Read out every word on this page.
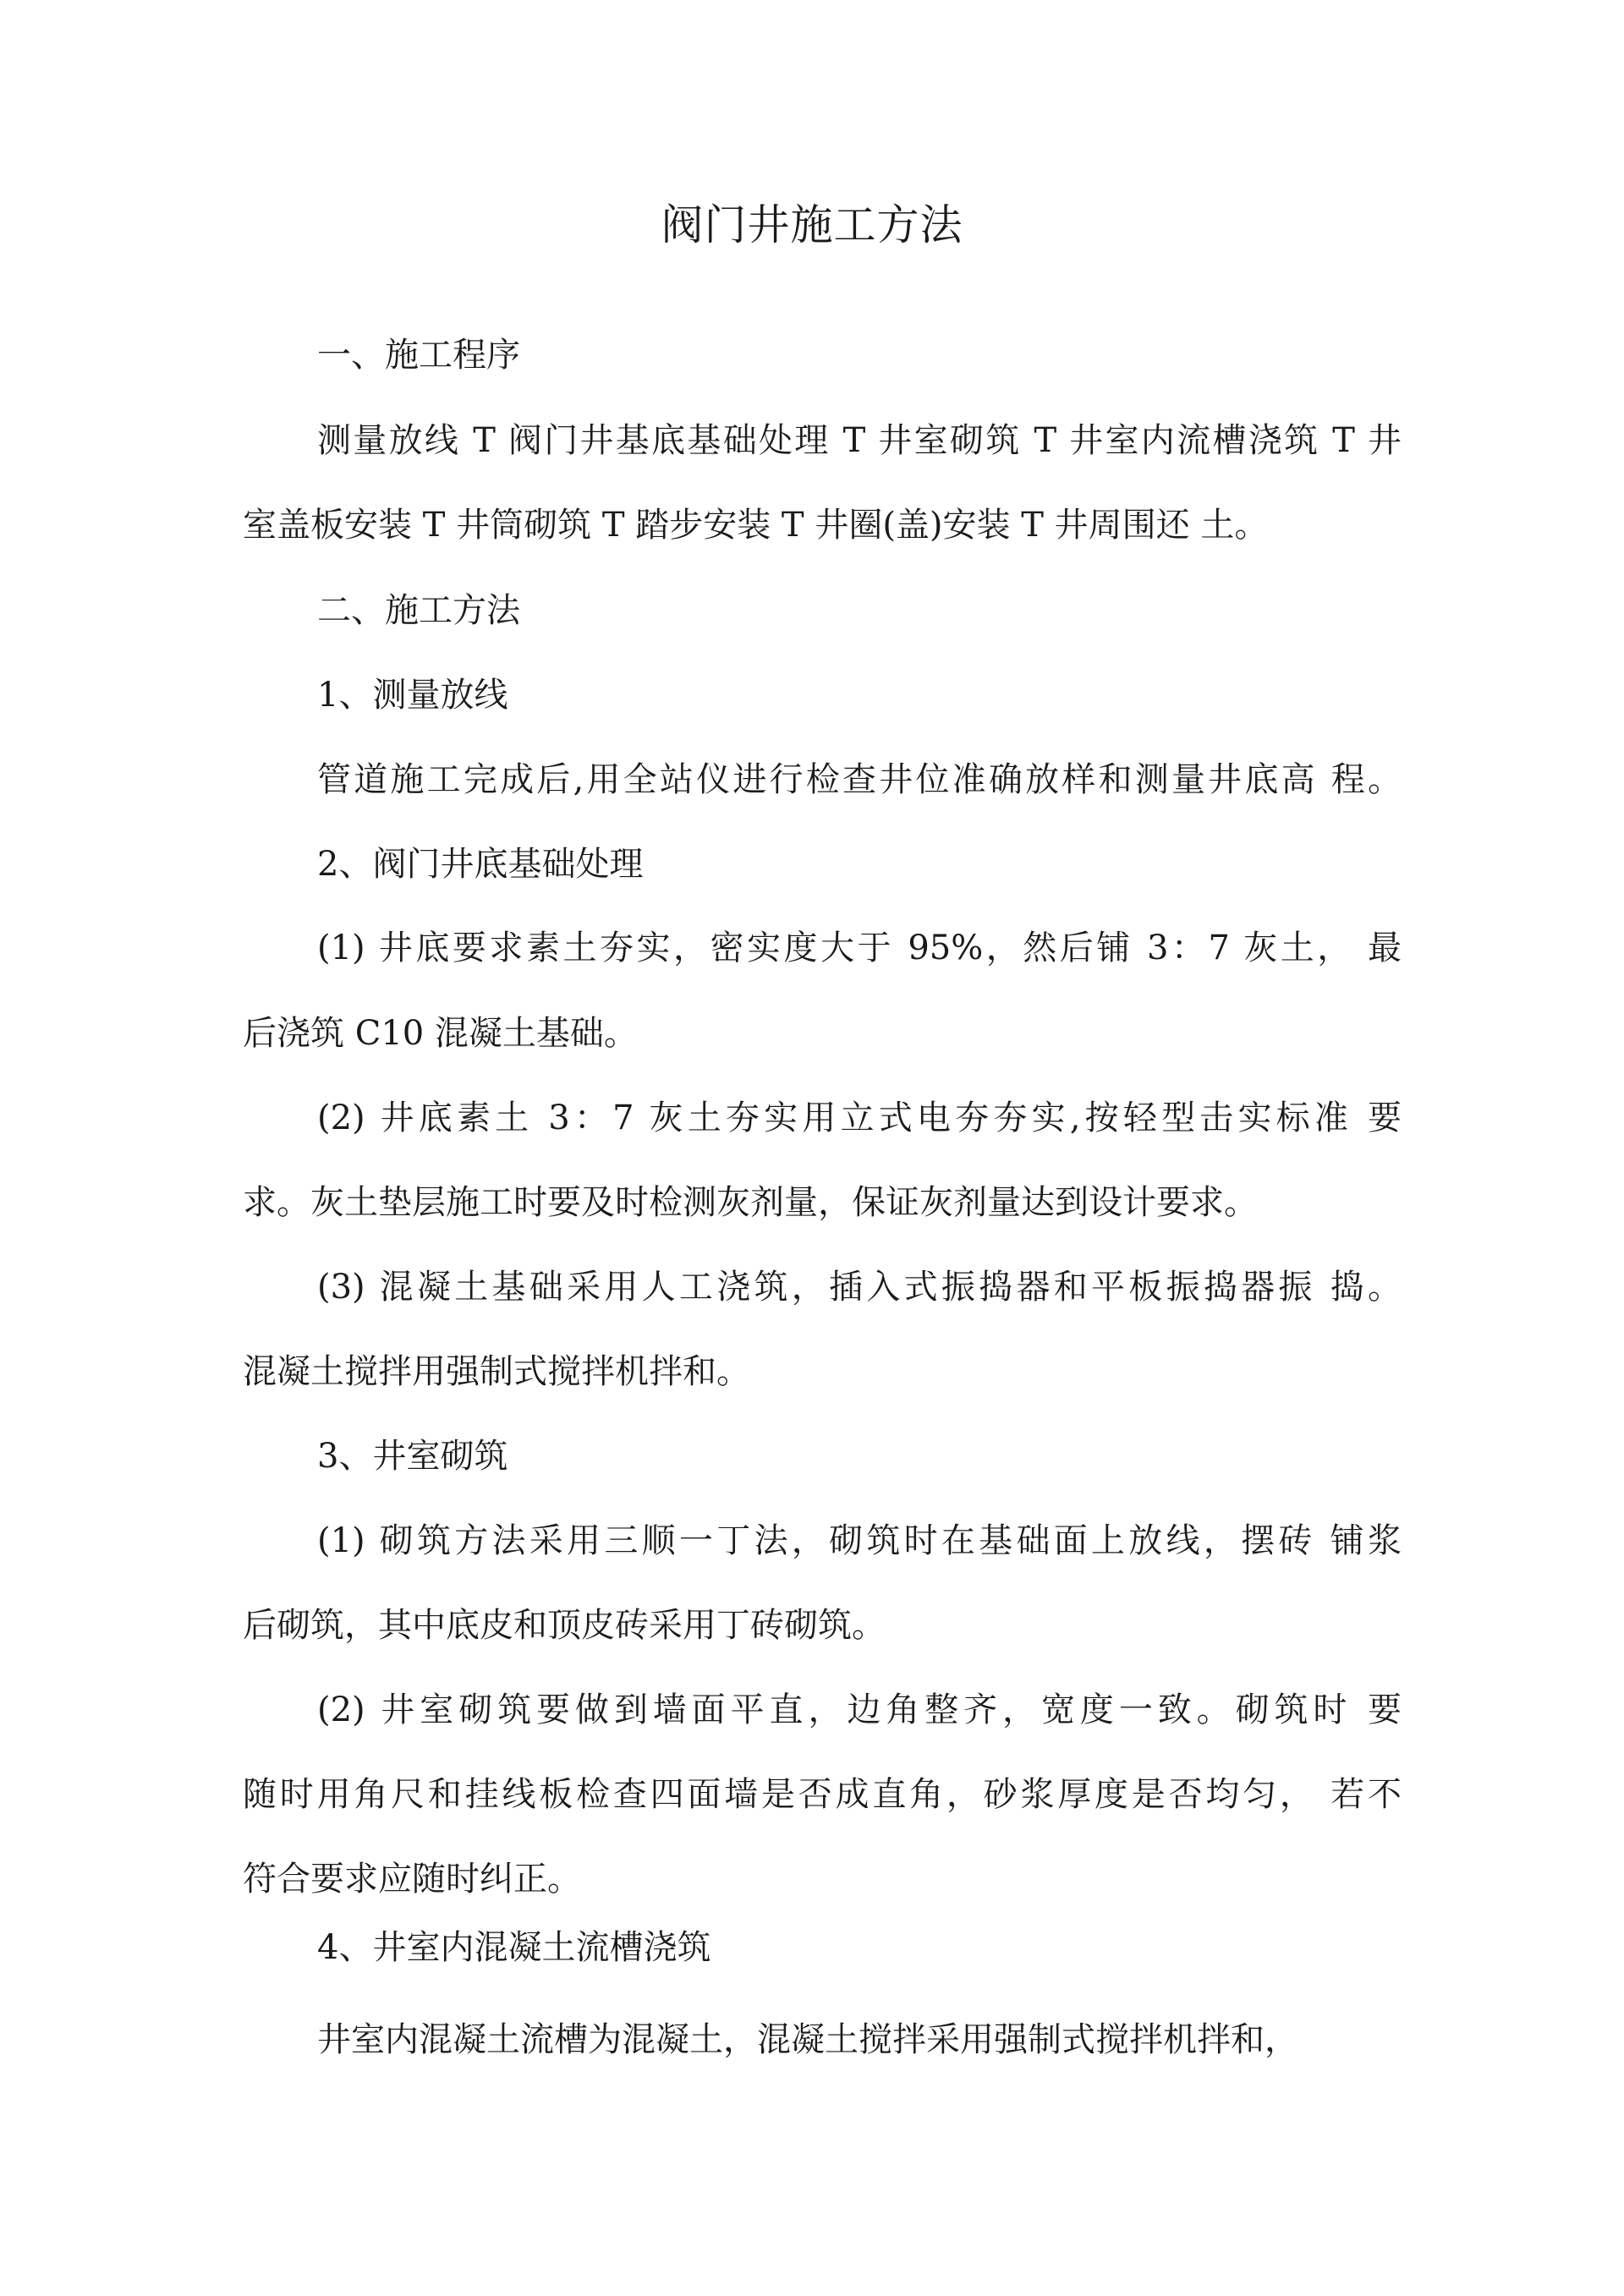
阀门井施工方法
一、施工程序
测量放线 T 阀门井基底基础处理 T 井室砌筑 T 井室内流槽浇筑 T 井
室盖板安装 T 井筒砌筑 T 踏步安装 T 井圈(盖)安装 T 井周围还 土。
二、施工方法
1、测量放线
管道施工完成后,用全站仪进行检查井位准确放样和测量井底高 程。
2、阀门井底基础处理
(1) 井底要求素土夯实，密实度大于 95%，然后铺 3：7 灰土， 最
后浇筑 C10 混凝土基础。
(2) 井底素土 3：7 灰土夯实用立式电夯夯实,按轻型击实标准 要
求。灰土垫层施工时要及时检测灰剂量，保证灰剂量达到设计要求。
(3) 混凝土基础采用人工浇筑，插入式振捣器和平板振捣器振 捣。
混凝土搅拌用强制式搅拌机拌和。
3、井室砌筑
(1) 砌筑方法采用三顺一丁法，砌筑时在基础面上放线，摆砖 铺浆
后砌筑，其中底皮和顶皮砖采用丁砖砌筑。
(2) 井室砌筑要做到墙面平直，边角整齐，宽度一致。砌筑时 要
随时用角尺和挂线板检查四面墙是否成直角，砂浆厚度是否均匀， 若不
符合要求应随时纠正。
4、井室内混凝土流槽浇筑
井室内混凝土流槽为混凝土，混凝土搅拌采用强制式搅拌机拌和，
